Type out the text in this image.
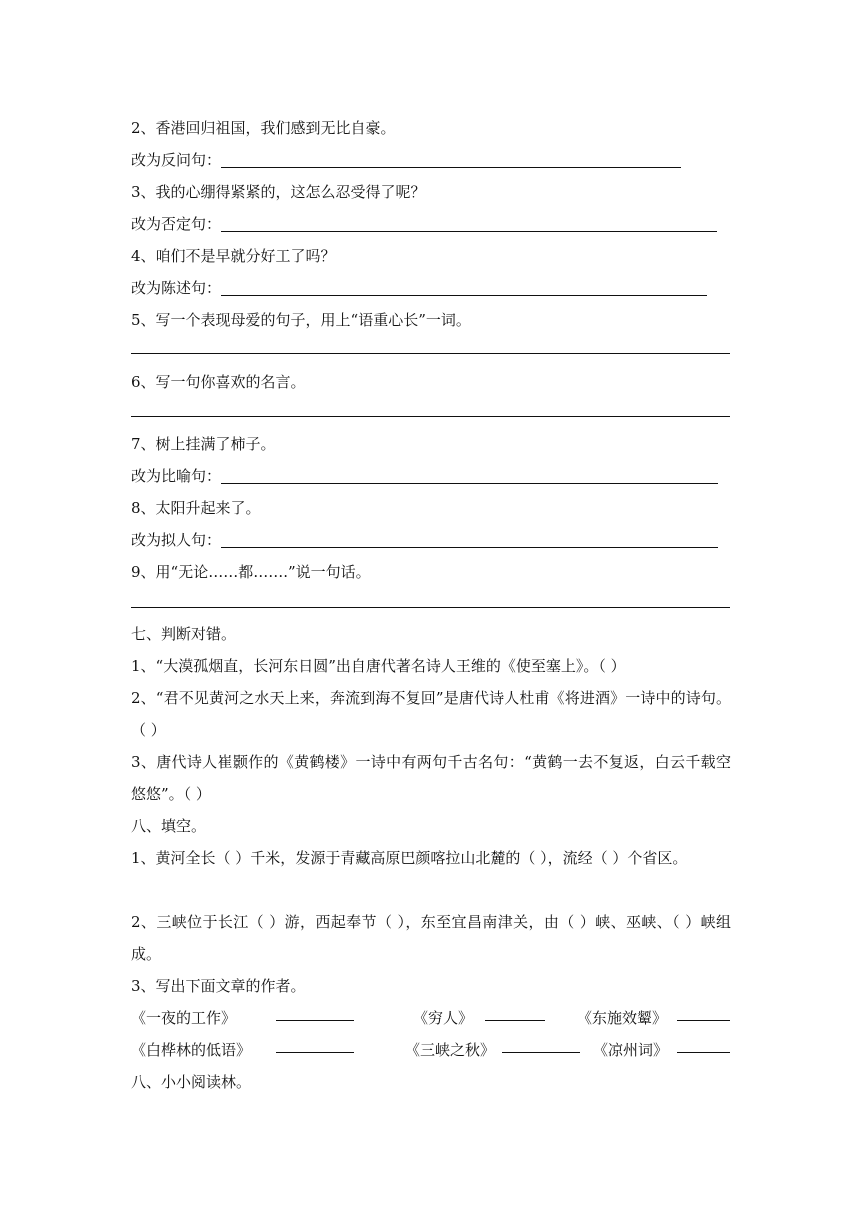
2、香港回归祖国，我们感到无比自豪。
改为反问句：
3、我的心绷得紧紧的，这怎么忍受得了呢？
改为否定句：
4、咱们不是早就分好工了吗？
改为陈述句：
5、写一个表现母爱的句子，用上“语重心长”一词。
6、写一句你喜欢的名言。
7、树上挂满了柿子。
改为比喻句：
8、太阳升起来了。
改为拟人句：
9、用“无论……都…….”说一句话。
七、判断对错。
1、“大漠孤烟直，长河东日圆”出自唐代著名诗人王维的《使至塞上》。（ ）
2、“君不见黄河之水天上来，奔流到海不复回”是唐代诗人杜甫《将进酒》一诗中的诗句。（ ）
3、唐代诗人崔颢作的《黄鹤楼》一诗中有两句千古名句：“黄鹤一去不复返，白云千载空悠悠”。（ ）
八、填空。
1、黄河全长（ ）千米，发源于青藏高原巴颜喀拉山北麓的（ ），流经（ ）个省区。
2、三峡位于长江（ ）游，西起奉节（ ），东至宜昌南津关，由（ ）峡、巫峡、（ ）峡组成。
3、写出下面文章的作者。
《一夜的工作》	《穷人》	《东施效颦》
《白桦林的低语》	《三峡之秋》	《凉州词》
八、小小阅读林。
